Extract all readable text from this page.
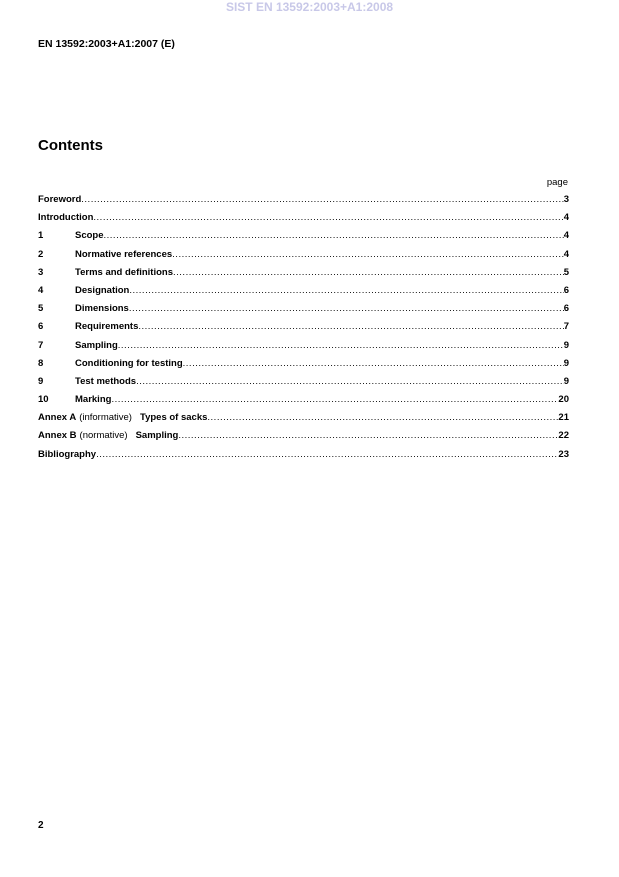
SIST EN 13592:2003+A1:2008
EN 13592:2003+A1:2007 (E)
Contents
page
Foreword .....	3
Introduction .....	4
1	Scope .....	4
2	Normative references .....	4
3	Terms and definitions .....	5
4	Designation .....	6
5	Dimensions .....	6
6	Requirements .....	7
7	Sampling .....	9
8	Conditioning for testing .....	9
9	Test methods .....	9
10	Marking .....	20
Annex A (informative) Types of sacks .....	21
Annex B (normative) Sampling .....	22
Bibliography .....	23
2
